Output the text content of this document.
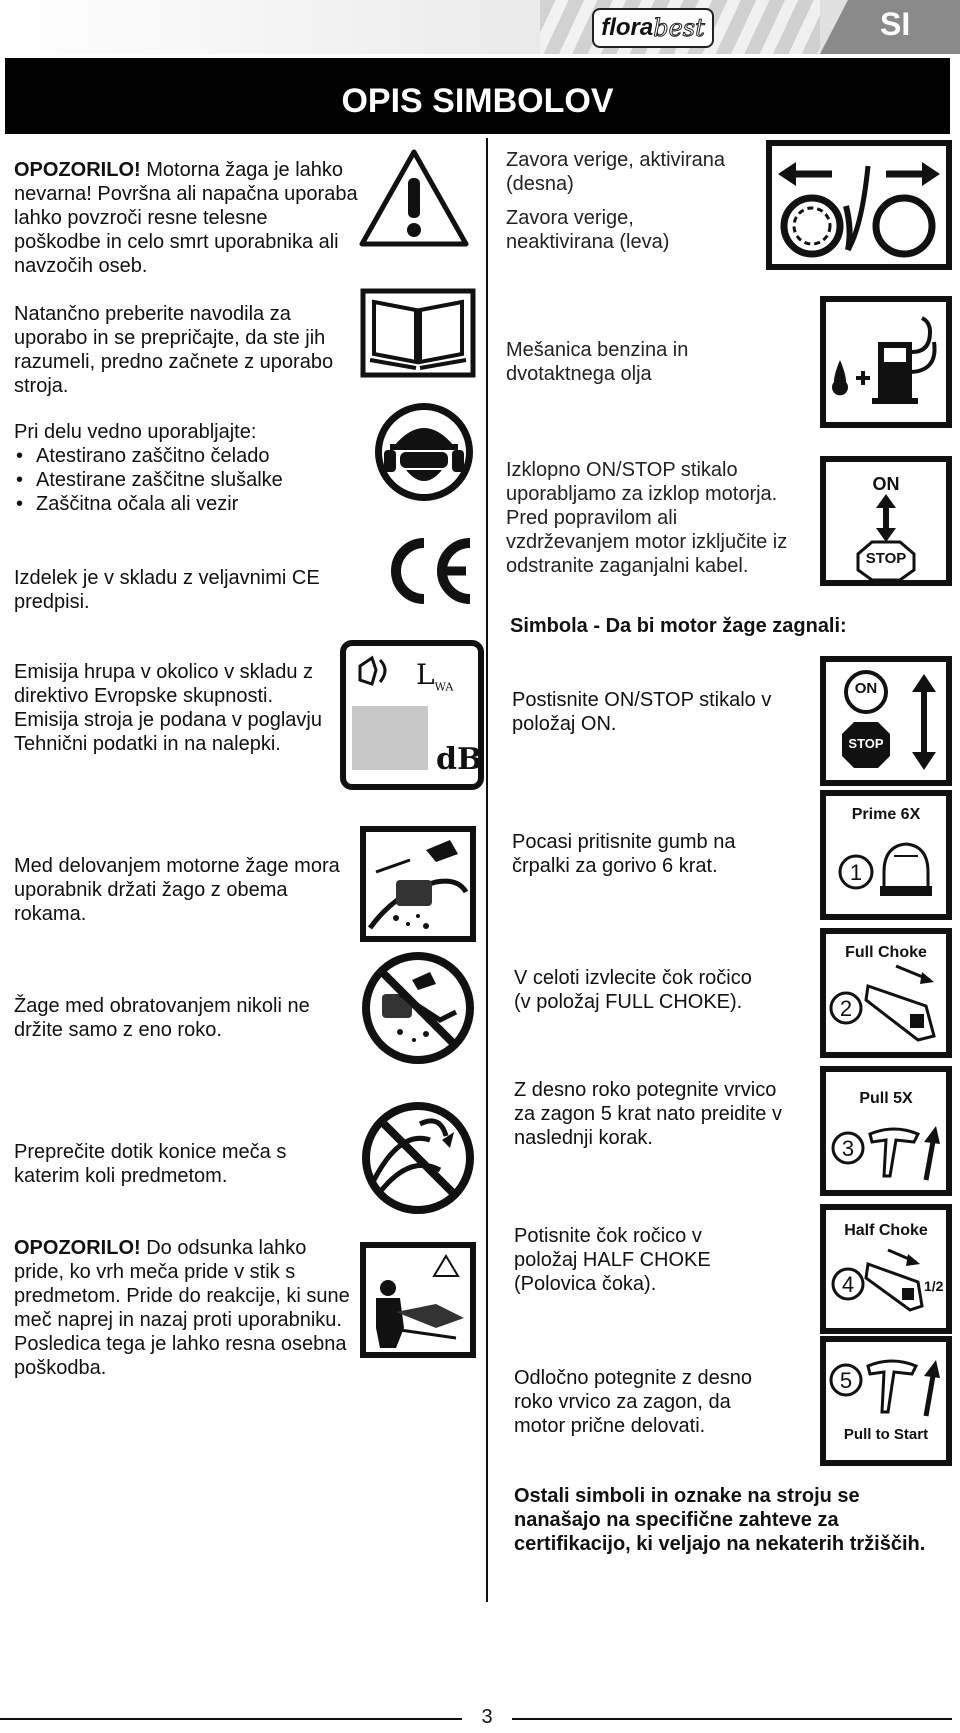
flora best	SI
OPIS SIMBOLOV
OPOZORILO! Motorna žaga je lahko nevarna! Površna ali napačna uporaba lahko povzroči resne telesne poškodbe in celo smrt uporabnika ali navzočih oseb.
Natančno preberite navodila za uporabo in se prepričajte, da ste jih razumeli, predno začnete z uporabo stroja.
Pri delu vedno uporabljajte:
• Atestirano zaščitno čelado
• Atestirane zaščitne slušalke
• Zaščitna očala ali vezir
Izdelek je v skladu z veljavnimi CE predpisi.
Emisija hrupa v okolico v skladu z direktivo Evropske skupnosti. Emisija stroja je podana v poglavju Tehnični podatki in na nalepki.
$L_{WA}$
dB
Med delovanjem motorne žage mora uporabnik držati žago z obema rokama.
Žage med obratovanjem nikoli ne držite samo z eno roko.
Preprečite dotik konice meča s katerim koli predmetom.
OPOZORILO! Do odsunka lahko pride, ko vrh meča pride v stik s predmetom. Pride do reakcije, ki sune meč naprej in nazaj proti uporabniku. Posledica tega je lahko resna osebna poškodba.
Zavora verige, aktivirana (desna)
Zavora verige, neaktivirana (leva)
Mešanica benzina in dvotaktnega olja
Izklopno ON/STOP stikalo uporabljamo za izklop motorja. Pred popravilom ali vzdrževanjem motor izključite iz odstranite zaganjalni kabel.
ON
STOP
Simbola - Da bi motor žage zagnali:
Postisnite ON/STOP stikalo v položaj ON.
ON
STOP
Pocasi pritisnite gumb na črpalki za gorivo 6 krat.
Prime 6X
1
V celoti izvlecite čok ročico (v položaj FULL CHOKE).
Full Choke
2
Z desno roko potegnite vrvico za zagon 5 krat nato preidite v naslednji korak.
Pull 5X
3
Potisnite čok ročico v položaj HALF CHOKE (Polovica čoka).
Half Choke
4	1/2
Odločno potegnite z desno roko vrvico za zagon, da motor prične delovati.
5
Pull to Start
Ostali simboli in oznake na stroju se nanašajo na specifične zahteve za certifikacijo, ki veljajo na nekaterih tržiščih.
3
